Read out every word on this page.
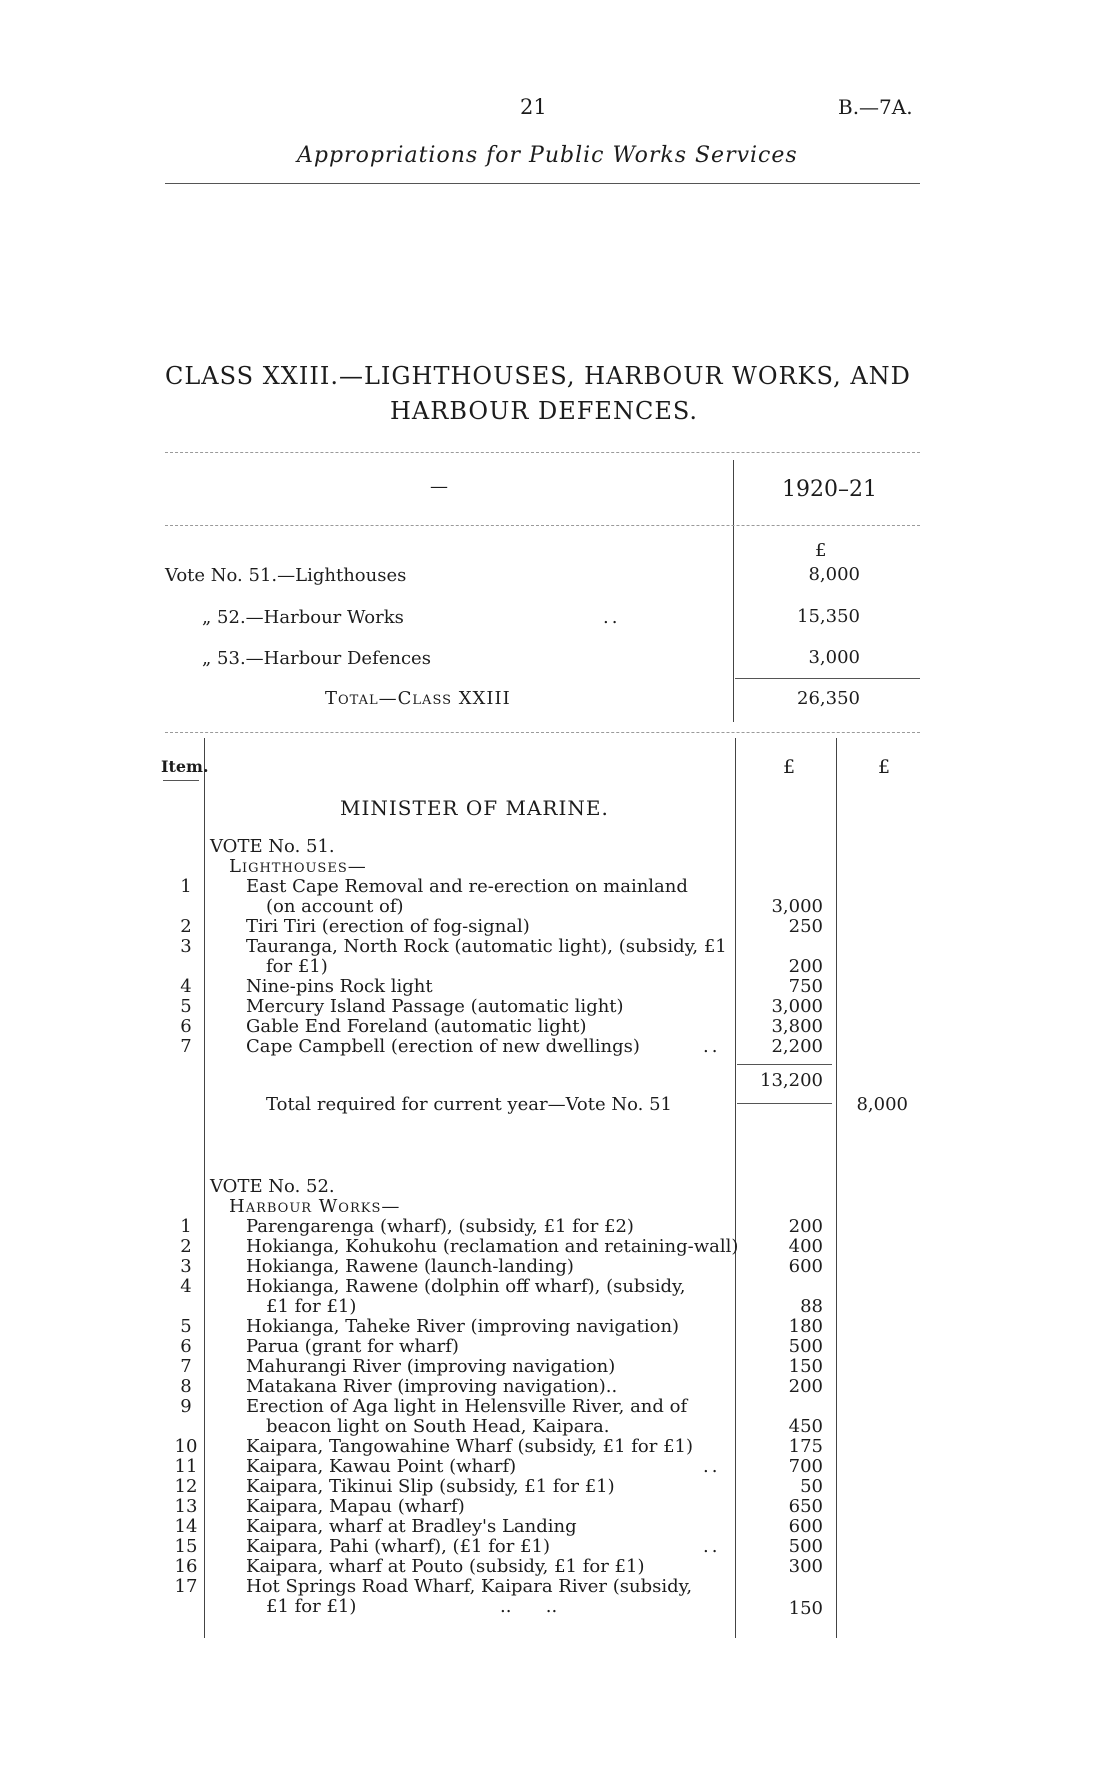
21	B.—7A.
Appropriations for Public Works Services
CLASS XXIII.—LIGHTHOUSES, HARBOUR WORKS, AND
HARBOUR DEFENCES.
—	1920–21
£
Vote No. 51.—Lighthouses	8,000
„ 52.—Harbour Works	..	15,350
„ 53.—Harbour Defences	3,000
Total—Class XXIII	26,350
Item.	£	£
MINISTER OF MARINE.
VOTE No. 51.
Lighthouses—
1	East Cape Removal and re-erection on mainland
(on account of)	3,000
2	Tiri Tiri (erection of fog-signal)	250
3	Tauranga, North Rock (automatic light), (subsidy, £1
for £1)	200
4	Nine-pins Rock light	750
5	Mercury Island Passage (automatic light)	3,000
6	Gable End Foreland (automatic light)	3,800
7	Cape Campbell (erection of new dwellings)	..	2,200
13,200
Total required for current year—Vote No. 51	8,000
VOTE No. 52.
Harbour Works—
1	Parengarenga (wharf), (subsidy, £1 for £2)	200
2	Hokianga, Kohukohu (reclamation and retaining-wall)	400
3	Hokianga, Rawene (launch-landing)	600
4	Hokianga, Rawene (dolphin off wharf), (subsidy,
£1 for £1)	88
5	Hokianga, Taheke River (improving navigation)	180
6	Parua (grant for wharf)	500
7	Mahurangi River (improving navigation)	150
8	Matakana River (improving navigation)..	200
9	Erection of Aga light in Helensville River, and of
beacon light on South Head, Kaipara.	450
10	Kaipara, Tangowahine Wharf (subsidy, £1 for £1)	175
11	Kaipara, Kawau Point (wharf)	..	700
12	Kaipara, Tikinui Slip (subsidy, £1 for £1)	50
13	Kaipara, Mapau (wharf)	650
14	Kaipara, wharf at Bradley's Landing	600
15	Kaipara, Pahi (wharf), (£1 for £1)	..	500
16	Kaipara, wharf at Pouto (subsidy, £1 for £1)	300
17	Hot Springs Road Wharf, Kaipara River (subsidy,
£1 for £1)	..      ..	150
